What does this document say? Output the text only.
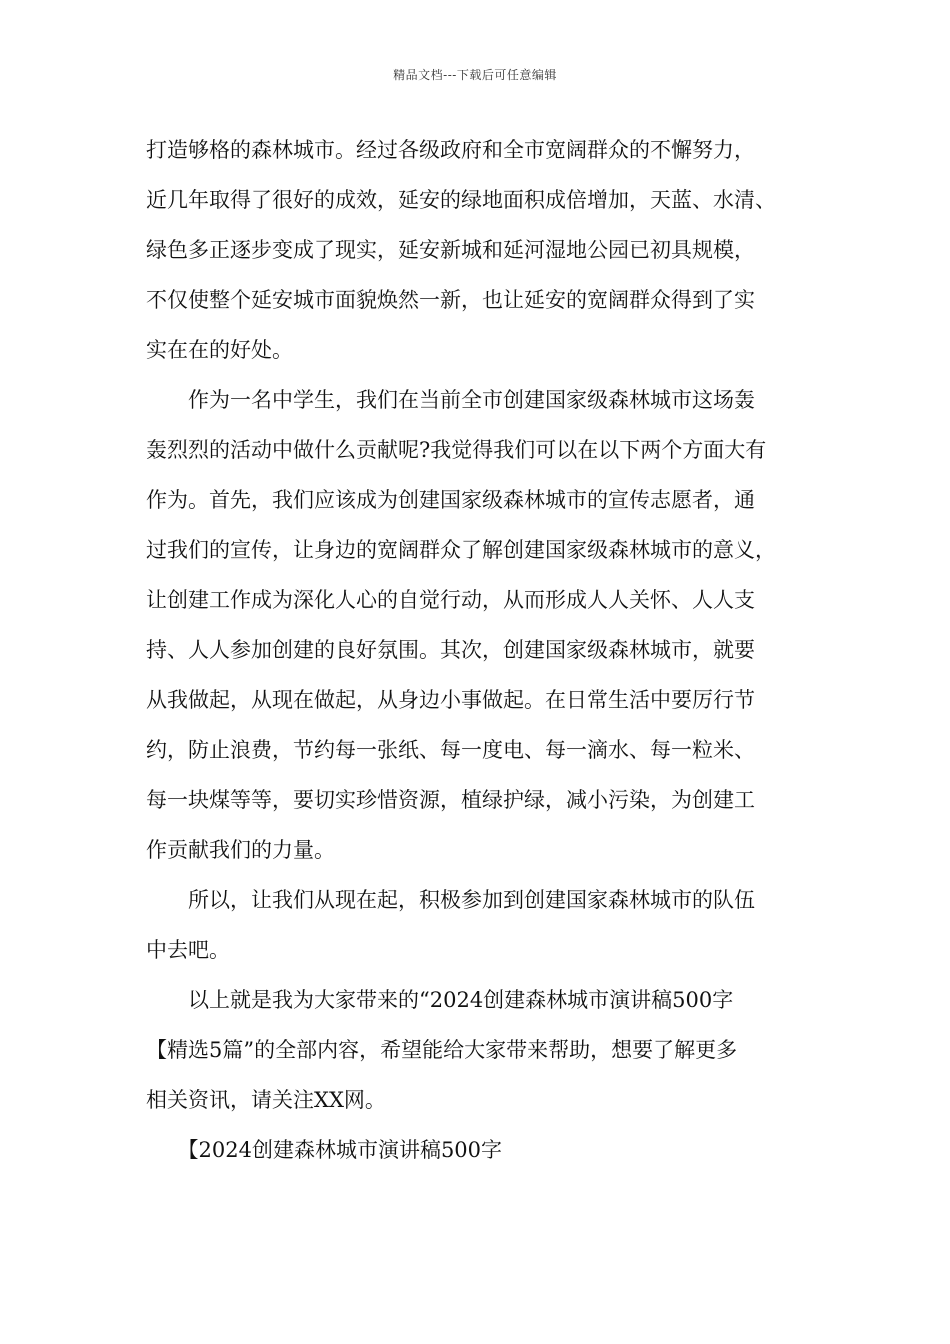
精品文档---下载后可任意编辑
打造够格的森林城市。经过各级政府和全市宽阔群众的不懈努力，
近几年取得了很好的成效，延安的绿地面积成倍增加，天蓝、水清、
绿色多正逐步变成了现实，延安新城和延河湿地公园已初具规模，
不仅使整个延安城市面貌焕然一新，也让延安的宽阔群众得到了实
实在在的好处。
　　作为一名中学生，我们在当前全市创建国家级森林城市这场轰
轰烈烈的活动中做什么贡献呢?我觉得我们可以在以下两个方面大有
作为。首先，我们应该成为创建国家级森林城市的宣传志愿者，通
过我们的宣传，让身边的宽阔群众了解创建国家级森林城市的意义，
让创建工作成为深化人心的自觉行动，从而形成人人关怀、人人支
持、人人参加创建的良好氛围。其次，创建国家级森林城市，就要
从我做起，从现在做起，从身边小事做起。在日常生活中要厉行节
约，防止浪费，节约每一张纸、每一度电、每一滴水、每一粒米、
每一块煤等等，要切实珍惜资源，植绿护绿，减小污染，为创建工
作贡献我们的力量。
　　所以，让我们从现在起，积极参加到创建国家森林城市的队伍
中去吧。
　　以上就是我为大家带来的“2024创建森林城市演讲稿500字
【精选5篇”的全部内容，希望能给大家带来帮助，想要了解更多
相关资讯，请关注XX网。
　　【2024创建森林城市演讲稿500字
